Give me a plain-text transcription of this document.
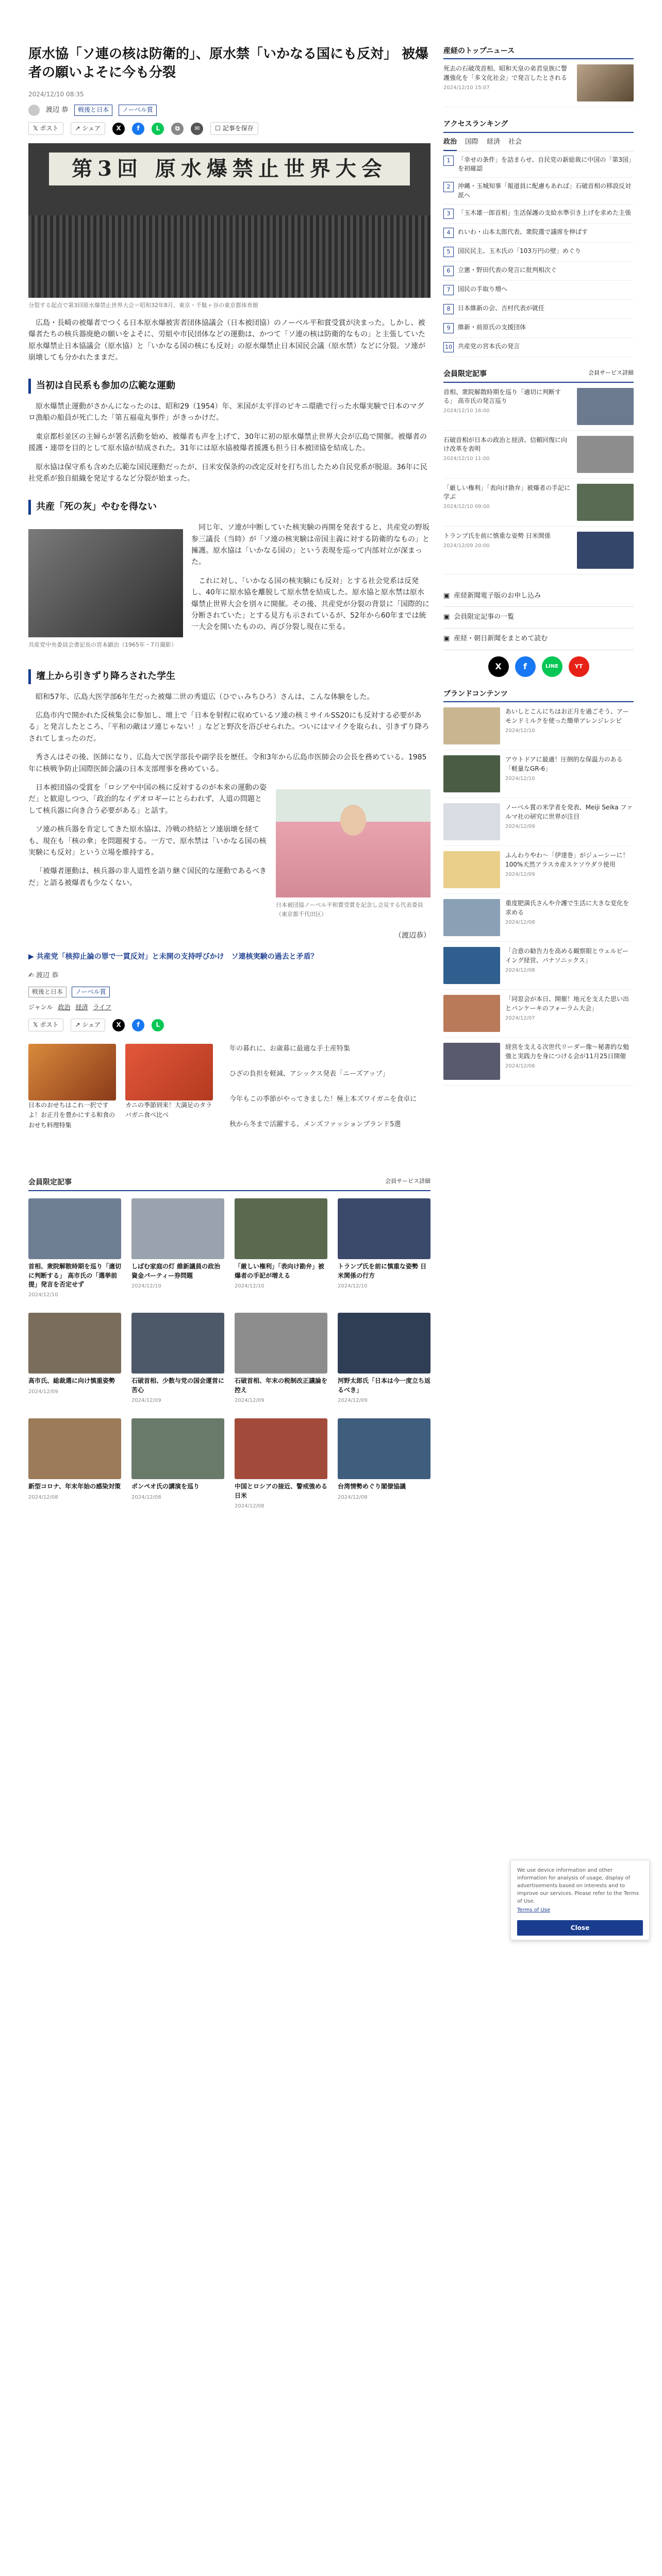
原水協「ソ連の核は防衛的」、原水禁「いかなる国にも反対」 被爆者の願いよそに今も分裂
2024/12/10 08:35
渡辺 恭	戦後と日本	ノーベル賞
𝕏 ポスト	↗ シェア	X	f	L	⧉	✉	☐ 記事を保存
第3回 原水爆禁止世界大会
分裂する起点で第3回原水爆禁止世界大会＝昭和32年8月、東京・千駄ヶ谷の東京都体育館

広島・長崎の被爆者でつくる日本原水爆被害者団体協議会（日本被団協）のノーベル平和賞受賞が決まった。しかし、被爆者たちの核兵器廃絶の願いをよそに、労組や市民団体などの運動は、かつて「ソ連の核は防衛的なもの」と主張していた原水爆禁止日本協議会（原水協）と「いかなる国の核にも反対」の原水爆禁止日本国民会議（原水禁）などに分裂。ソ連が崩壊しても分かれたままだ。

当初は自民系も参加の広範な運動

原水爆禁止運動がさかんになったのは、昭和29（1954）年、米国が太平洋のビキニ環礁で行った水爆実験で日本のマグロ漁船の船員が死亡した「第五福竜丸事件」がきっかけだ。

東京都杉並区の主婦らが署名活動を始め、被爆者も声を上げて、30年に初の原水爆禁止世界大会が広島で開催。被爆者の援護・連帯を目的として原水協が結成された。31年には原水協被爆者援護も担う日本被団協を結成した。

原水協は保守系も含めた広範な国民運動だったが、日米安保条約の改定反対を打ち出したため自民党系が脱退。36年に民社党系が独自組織を発足するなど分裂が始まった。

共産「死の灰」やむを得ない
共産党中央委員会書記長の宮本顕治（1965年・7月撮影）

同じ年、ソ連が中断していた核実験の再開を発表すると、共産党の野坂参三議長（当時）が「ソ連の核実験は帝国主義に対する防衛的なもの」と擁護。原水協は「いかなる国の」という表現を巡って内部対立が深まった。

これに対し、「いかなる国の核実験にも反対」とする社会党系は反発し、40年に原水協を離脱して原水禁を結成した。原水協と原水禁は原水爆禁止世界大会を別々に開催。その後、共産党が分裂の背景に「国際的に分断されていた」とする見方も示されているが、52年から60年までは統一大会を開いたものの、再び分裂し現在に至る。

壇上から引きずり降ろされた学生

昭和57年、広島大医学部6年生だった被爆二世の秀道広（ひでぃみちひろ）さんは、こんな体験をした。

広島市内で開かれた反核集会に参加し、壇上で「日本を射程に収めているソ連の核ミサイルSS20にも反対する必要がある」と発言したところ、「平和の敵はソ連じゃない！」などと野次を浴びせられた。ついにはマイクを取られ、引きずり降ろされてしまったのだ。

秀さんはその後、医師になり、広島大で医学部長や副学長を歴任。令和3年から広島市医師会の会長を務めている。1985年に核戦争防止国際医師会議の日本支部理事を務めている。

日本被団協ノーベル平和賞受賞を記念し会見する代表委員（東京都千代田区）

日本被団協の受賞を「ロシアや中国の核に反対するのが本来の運動の姿だ」と歓迎しつつ、「政治的なイデオロギーにとらわれず、人道の問題として核兵器に向き合う必要がある」と話す。

ソ連の核兵器を肯定してきた原水協は、冷戦の終結とソ連崩壊を経ても、現在も「核の傘」を問題視する。一方で、原水禁は「いかなる国の核実験にも反対」という立場を維持する。

「被爆者運動は、核兵器の非人道性を語り継ぐ国民的な運動であるべきだ」と語る被爆者も少なくない。

（渡辺恭）

▶ 共産党「核抑止論の罪で一貫反対」と未開の支持呼びかけ　ソ連核実験の過去と矛盾？
✍ 渡辺 恭
戦後と日本	ノーベル賞
ジャンル 政治 経済 ライフ
𝕏 ポスト	↗ シェア	X	f	L
日本のおせちはこれ一択ですよ！お正月を豊かにする和食のおせち料理特集
カニの季節到来！大満足のタラバガニ食べ比べ
年の暮れに、お歳暮に最適な手土産特集
ひざの負担を軽減、アシックス発表「ニーズアップ」
今年もこの季節がやってきました！極上本ズワイガニを食卓に
秋から冬まで活躍する、メンズファッションブランド5選
会員限定記事	会員サービス詳細
首相、衆院解散時期を巡り「適切に判断する」 高市氏の「選挙前提」発言を否定せず
2024/12/10
しばむ家庭の灯 維新議員の政治資金パーティー券問題
2024/12/10
「厳しい権利」「表向け勘弁」被爆者の手記が増える
2024/12/10
トランプ氏を前に慎重な姿勢 日米関係の行方
2024/12/10
高市氏、総裁選に向け慎重姿勢
2024/12/09
石破首相、少数与党の国会運営に苦心
2024/12/09
石破首相、年末の税制改正議論を控え
2024/12/09
河野太郎氏「日本は今一度立ち返るべき」
2024/12/09
新型コロナ、年末年始の感染対策
2024/12/08
ポンペオ氏の講演を巡り
2024/12/08
中国とロシアの接近、警戒強める日米
2024/12/08
台湾情勢めぐり閣僚協議
2024/12/08
産経のトップニュース
死去の石破茂首相、昭和天皇の弟君皇族に警護強化を「多文化社会」で発言したとされる
2024/12/10 15:07
アクセスランキング
政治 国際 経済 社会
1	「幸せの条件」を詰まらせ、自民党の新総裁に中国の「第3国」を初確認
2	沖縄・玉城知事「報道員に配慮もあれば」石破首相の移設反対派へ
3	「玉木雄一郎首相」生活保護の支給水準引き上げを求めた主張
4	れいわ・山本太郎代表、衆院選で議席を伸ばす
5	国民民主、玉木氏の「103万円の壁」めぐり
6	立憲・野田代表の発言に批判相次ぐ
7	国民の手取り増へ
8	日本維新の会、吉村代表が就任
9	維新・前原氏の支援団体
10 共産党の宮本氏の発言
会員限定記事	会員サービス詳細
首相、衆院解散時期を巡り「適切に判断する」 高市氏の発言巡り
2024/12/10 16:00
石破首相が日本の政治と経済、信頼回復に向け改革を表明
2024/12/10 11:00
「厳しい権利」「表向け勘弁」被爆者の手記に学ぶ
2024/12/10 09:00
トランプ氏を前に慎重な姿勢 日米関係
2024/12/09 20:00
▣ 産経新聞電子版のお申し込み
▣ 会員限定記事の一覧
▣ 産経・朝日新聞をまとめて読む
X	f	LINE	YT
ブランドコンテンツ
あいしとこんにちはお正月を過ごそう、アーモンドミルクを使った簡単アレンジレシピ
2024/12/10
アウトドアに最適！圧倒的な保温力のある「軽量なGR-6」
2024/12/10
ノーベル賞の米学者を発表、Meiji Seika ファルマ社の研究に世界が注目
2024/12/09
ふんわりやわ〜「伊達巻」がジューシーに！100%天然アラスカ産スケソウダラ使用
2024/12/09
重度肥満氏さんや介護で生活に大きな変化を求める
2024/12/08
「合意の勧告力を高める観察眼とウェルビーイング経営、パナソニックス」
2024/12/08
「同窓会が本日、開催！地元を支えた思い出とパンケーキのフォーラム大会」
2024/12/07
経営を支える次世代リーダー像～秘書的な勉強と実践力を身につける会が11月25日開催
2024/12/06
We use device information and other information for analysis of usage, display of advertisements based on interests and to improve our services. Please refer to the Terms of Use.
Terms of Use
Close
